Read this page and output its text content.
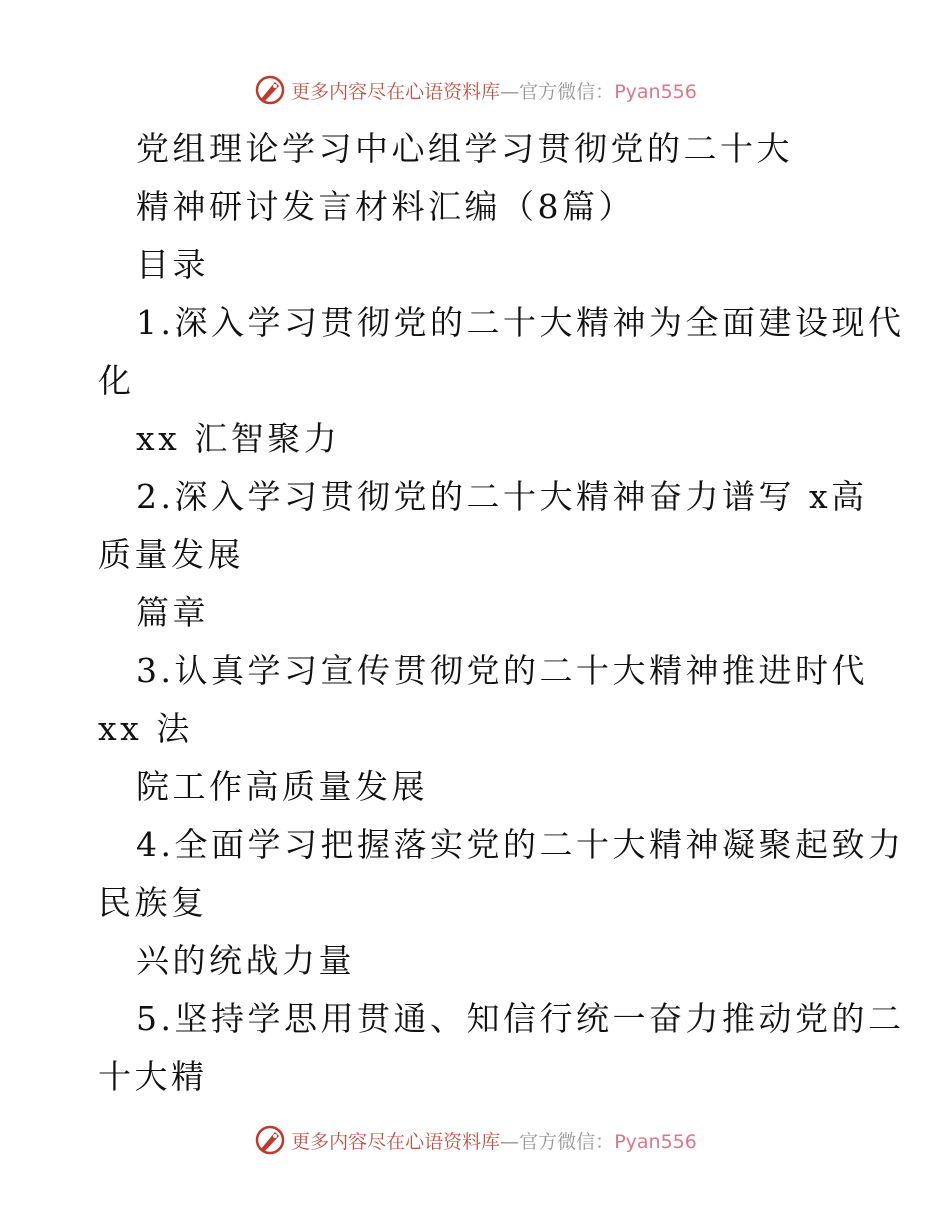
更多内容尽在心语资料库—官方微信：Pyan556
党组理论学习中心组学习贯彻党的二十大
精神研讨发言材料汇编（8篇）
目录
1.深入学习贯彻党的二十大精神为全面建设现代
化
xx 汇智聚力
2.深入学习贯彻党的二十大精神奋力谱写 x高
质量发展
篇章
3.认真学习宣传贯彻党的二十大精神推进时代
xx 法
院工作高质量发展
4.全面学习把握落实党的二十大精神凝聚起致力
民族复
兴的统战力量
5.坚持学思用贯通、知信行统一奋力推动党的二
十大精
更多内容尽在心语资料库—官方微信：Pyan556
